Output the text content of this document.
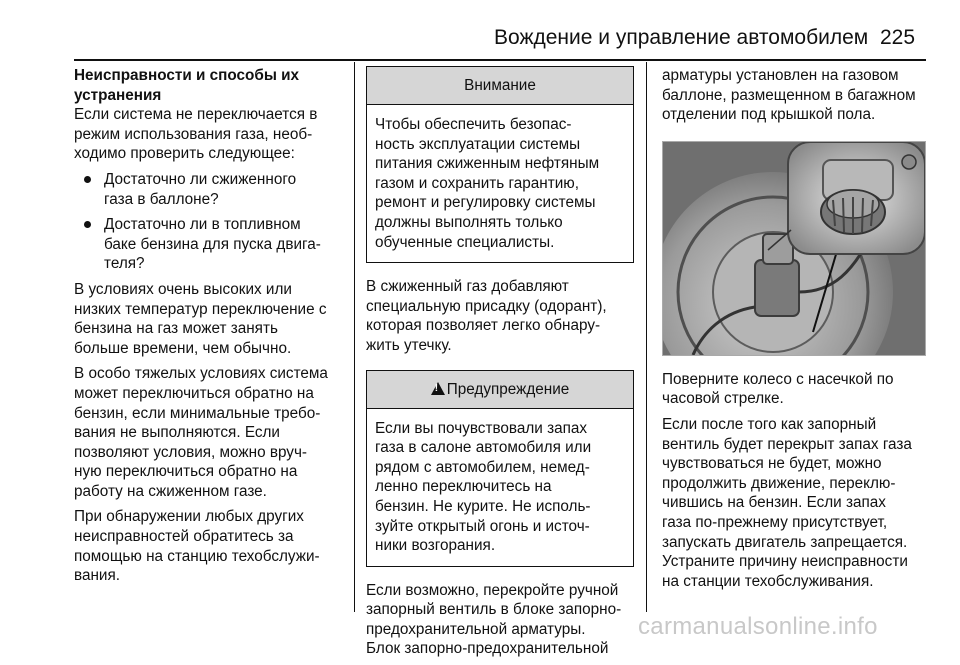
Вождение и управление автомобилем 225
Неисправности и способы их устранения

Если система не переключается в
режим использования газа, необ-
ходимо проверить следующее:

Достаточно ли сжиженного
газа в баллоне?
Достаточно ли в топливном
баке бензина для пуска двига-
теля?

В условиях очень высоких или
низких температур переключение с
бензина на газ может занять
больше времени, чем обычно.

В особо тяжелых условиях система
может переключиться обратно на
бензин, если минимальные требо-
вания не выполняются. Если
позволяют условия, можно вруч-
ную переключиться обратно на
работу на сжиженном газе.

При обнаружении любых других
неисправностей обратитесь за
помощью на станцию техобслужи-
вания.

Внимание
Чтобы обеспечить безопас-
ность эксплуатации системы
питания сжиженным нефтяным
газом и сохранить гарантию,
ремонт и регулировку системы
должны выполнять только
обученные специалисты.

В сжиженный газ добавляют
специальную присадку (одорант),
которая позволяет легко обнару-
жить утечку.

!Предупреждение
Если вы почувствовали запах
газа в салоне автомобиля или
рядом с автомобилем, немед-
ленно переключитесь на
бензин. Не курите. Не исполь-
зуйте открытый огонь и источ-
ники возгорания.

Если возможно, перекройте ручной
запорный вентиль в блоке запорно-
предохранительной арматуры.
Блок запорно-предохранительной

арматуры установлен на газовом
баллоне, размещенном в багажном
отделении под крышкой пола.

Поверните колесо с насечкой по
часовой стрелке.

Если после того как запорный
вентиль будет перекрыт запах газа
чувствоваться не будет, можно
продолжить движение, переклю-
чившись на бензин. Если запах
газа по-прежнему присутствует,
запускать двигатель запрещается.
Устраните причину неисправности
на станции техобслуживания.

carmanualsonline.info
